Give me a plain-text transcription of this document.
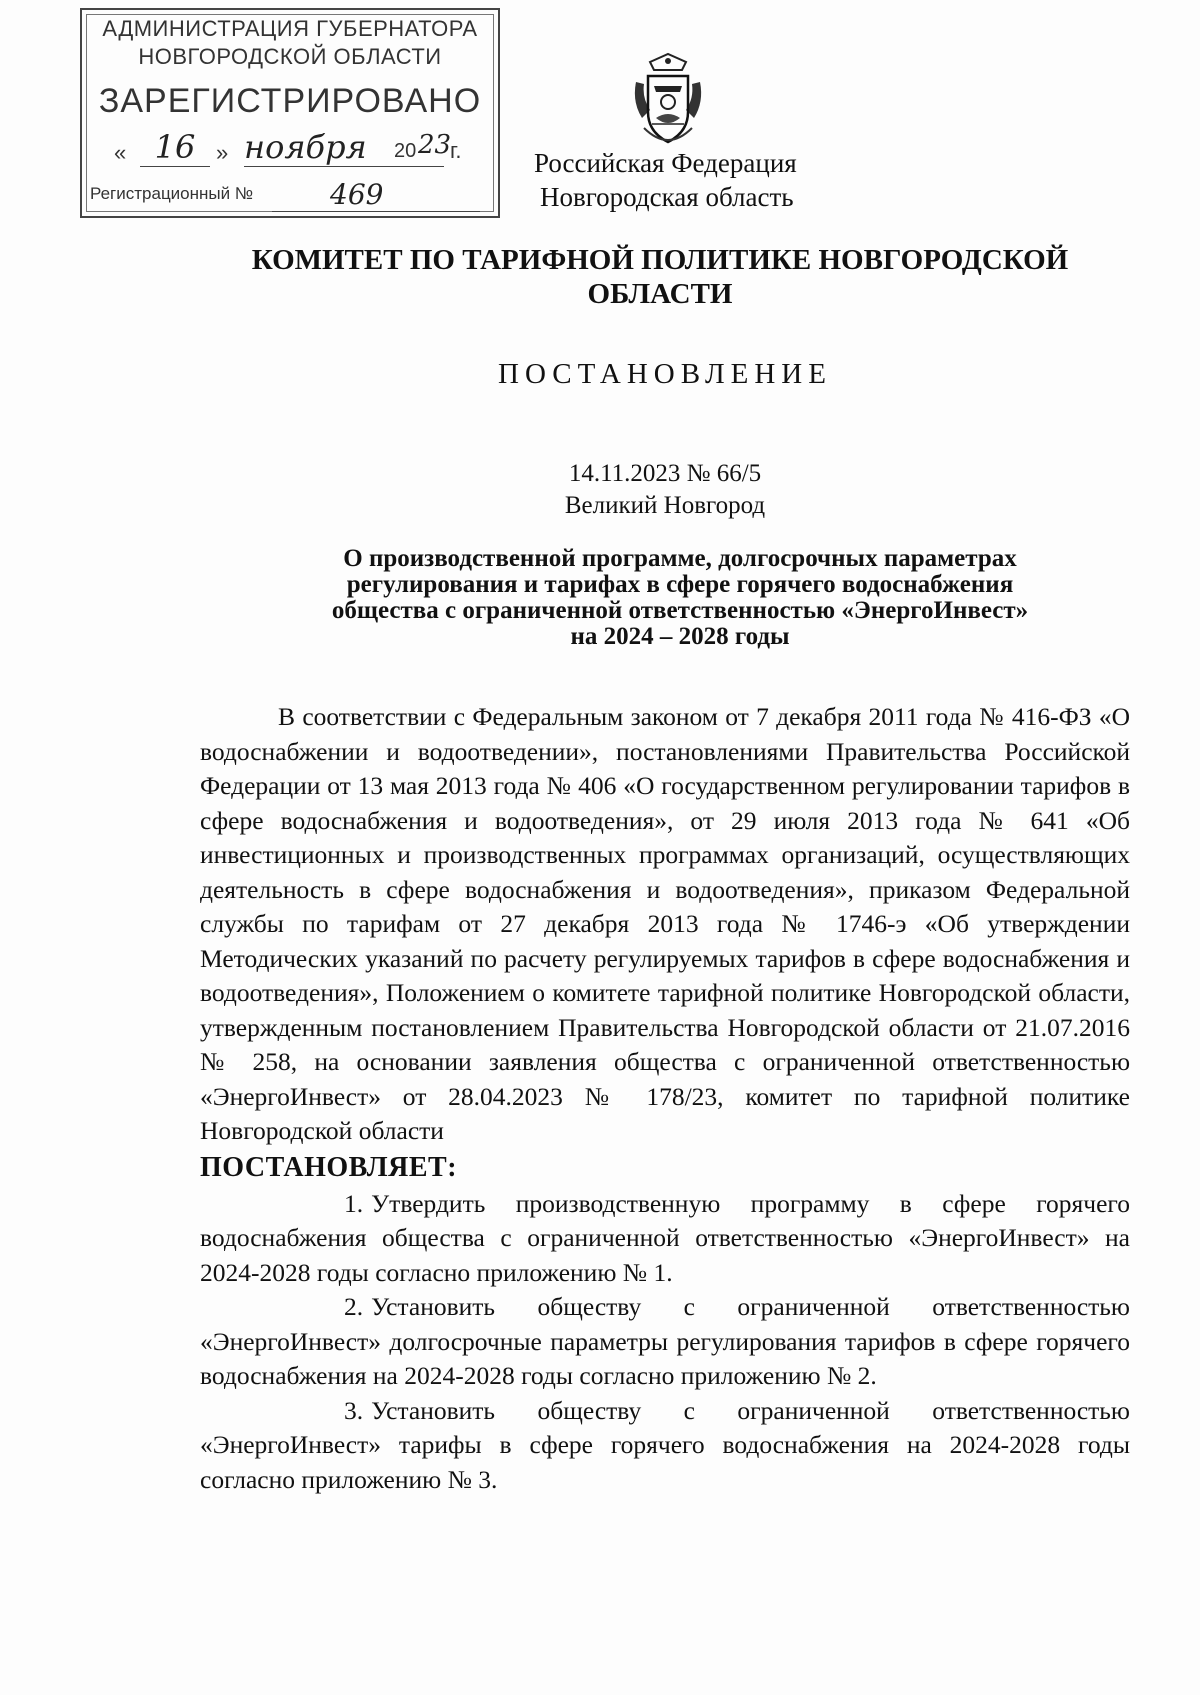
АДМИНИСТРАЦИЯ ГУБЕРНАТОРА
НОВГОРОДСКОЙ ОБЛАСТИ
ЗАРЕГИСТРИРОВАНО
« 16 » ноября	20 23
г.
Регистрационный №	469
Российская Федерация
Новгородская область
КОМИТЕТ ПО ТАРИФНОЙ ПОЛИТИКЕ НОВГОРОДСКОЙ
ОБЛАСТИ
ПОСТАНОВЛЕНИЕ
14.11.2023 № 66/5
Великий Новгород
О производственной программе, долгосрочных параметрах
регулирования и тарифах в сфере горячего водоснабжения
общества с ограниченной ответственностью «ЭнергоИнвест»
на 2024 – 2028 годы

В соответствии с Федеральным законом от 7 декабря 2011 года № 416-ФЗ «О водоснабжении и водоотведении», постановлениями Правительства Российской Федерации от 13 мая 2013 года № 406 «О государственном регулировании тарифов в сфере водоснабжения и водоотведения», от 29 июля 2013 года № 641 «Об инвестиционных и производственных программах организаций, осуществляющих деятельность в сфере водоснабжения и водоотведения», приказом Федеральной службы по тарифам от 27 декабря 2013 года № 1746-э «Об утверждении Методических указаний по расчету регулируемых тарифов в сфере водоснабжения и водоотведения», Положением о комитете тарифной политике Новгородской области, утвержденным постановлением Правительства Новгородской области от 21.07.2016 № 258, на основании заявления общества с ограниченной ответственностью «ЭнергоИнвест» от 28.04.2023 № 178/23, комитет по тарифной политике Новгородской области

ПОСТАНОВЛЯЕТ:

1. Утвердить производственную программу в сфере горячего водоснабжения общества с ограниченной ответственностью «ЭнергоИнвест» на 2024-2028 годы согласно приложению № 1.

2. Установить обществу с ограниченной ответственностью «ЭнергоИнвест» долгосрочные параметры регулирования тарифов в сфере горячего водоснабжения на 2024-2028 годы согласно приложению № 2.

3. Установить обществу с ограниченной ответственностью «ЭнергоИнвест» тарифы в сфере горячего водоснабжения на 2024-2028 годы согласно приложению № 3.
